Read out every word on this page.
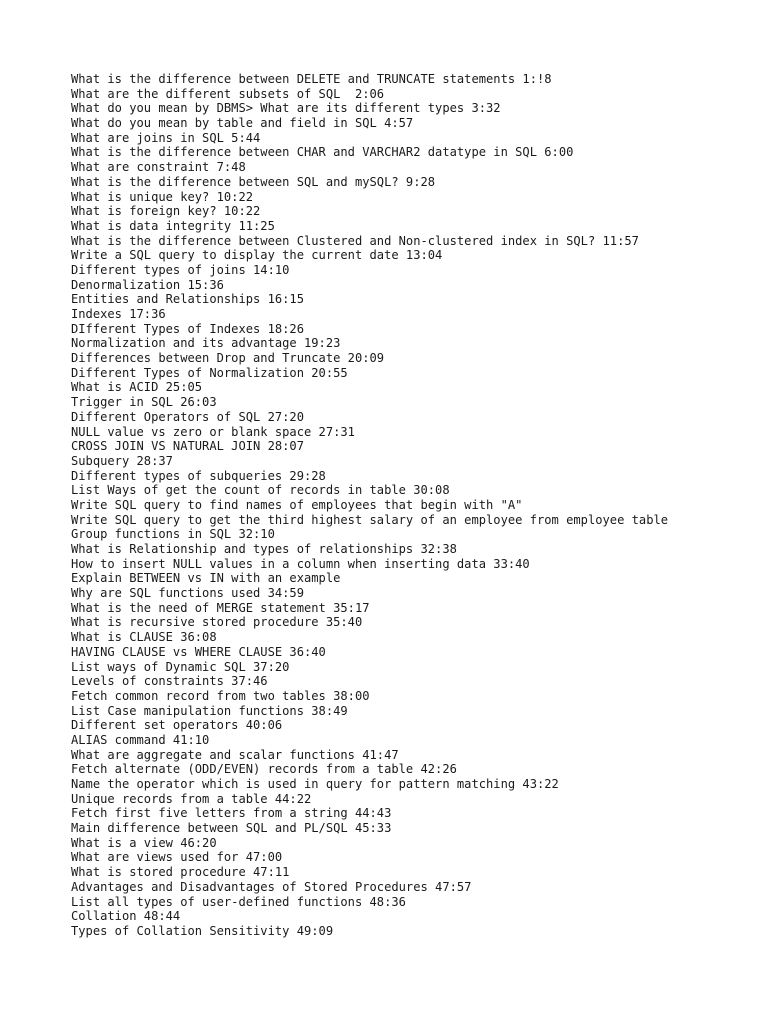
What is the difference between DELETE and TRUNCATE statements 1:!8
What are the different subsets of SQL  2:06
What do you mean by DBMS> What are its different types 3:32
What do you mean by table and field in SQL 4:57
What are joins in SQL 5:44
What is the difference between CHAR and VARCHAR2 datatype in SQL 6:00
What are constraint 7:48
What is the difference between SQL and mySQL? 9:28
What is unique key? 10:22
What is foreign key? 10:22
What is data integrity 11:25
What is the difference between Clustered and Non-clustered index in SQL? 11:57
Write a SQL query to display the current date 13:04
Different types of joins 14:10
Denormalization 15:36
Entities and Relationships 16:15
Indexes 17:36
DIfferent Types of Indexes 18:26
Normalization and its advantage 19:23
Differences between Drop and Truncate 20:09
Different Types of Normalization 20:55
What is ACID 25:05
Trigger in SQL 26:03
Different Operators of SQL 27:20
NULL value vs zero or blank space 27:31
CROSS JOIN VS NATURAL JOIN 28:07
Subquery 28:37
Different types of subqueries 29:28
List Ways of get the count of records in table 30:08
Write SQL query to find names of employees that begin with "A"
Write SQL query to get the third highest salary of an employee from employee table
Group functions in SQL 32:10
What is Relationship and types of relationships 32:38
How to insert NULL values in a column when inserting data 33:40
Explain BETWEEN vs IN with an example
Why are SQL functions used 34:59
What is the need of MERGE statement 35:17
What is recursive stored procedure 35:40
What is CLAUSE 36:08
HAVING CLAUSE vs WHERE CLAUSE 36:40
List ways of Dynamic SQL 37:20
Levels of constraints 37:46
Fetch common record from two tables 38:00
List Case manipulation functions 38:49
Different set operators 40:06
ALIAS command 41:10
What are aggregate and scalar functions 41:47
Fetch alternate (ODD/EVEN) records from a table 42:26
Name the operator which is used in query for pattern matching 43:22
Unique records from a table 44:22
Fetch first five letters from a string 44:43
Main difference between SQL and PL/SQL 45:33
What is a view 46:20
What are views used for 47:00
What is stored procedure 47:11
Advantages and Disadvantages of Stored Procedures 47:57
List all types of user-defined functions 48:36
Collation 48:44
Types of Collation Sensitivity 49:09
